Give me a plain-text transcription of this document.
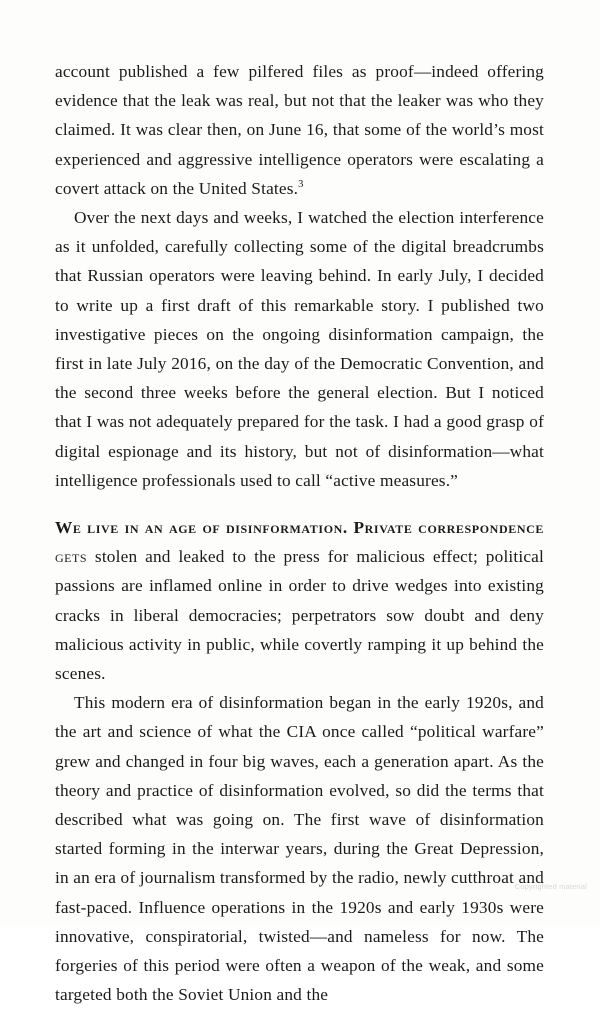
account published a few pilfered files as proof—indeed offering evidence that the leak was real, but not that the leaker was who they claimed. It was clear then, on June 16, that some of the world’s most experienced and aggressive intelligence operators were escalating a covert attack on the United States.$^3$

Over the next days and weeks, I watched the election interference as it unfolded, carefully collecting some of the digital breadcrumbs that Russian operators were leaving behind. In early July, I decided to write up a first draft of this remarkable story. I published two investigative pieces on the ongoing disinformation campaign, the first in late July 2016, on the day of the Democratic Convention, and the second three weeks before the general election. But I noticed that I was not adequately prepared for the task. I had a good grasp of digital espionage and its history, but not of disinformation—what intelligence professionals used to call “active measures.”

We live in an age of disinformation. Private correspondence gets stolen and leaked to the press for malicious effect; political passions are inflamed online in order to drive wedges into existing cracks in liberal democracies; perpetrators sow doubt and deny malicious activity in public, while covertly ramping it up behind the scenes.

This modern era of disinformation began in the early 1920s, and the art and science of what the CIA once called “political warfare” grew and changed in four big waves, each a generation apart. As the theory and practice of disinformation evolved, so did the terms that described what was going on. The first wave of disinformation started forming in the interwar years, during the Great Depression, in an era of journalism transformed by the radio, newly cutthroat and fast-paced. Influence operations in the 1920s and early 1930s were innovative, conspiratorial, twisted—and nameless for now. The forgeries of this period were often a weapon of the weak, and some targeted both the Soviet Union and the

Copyrighted material
